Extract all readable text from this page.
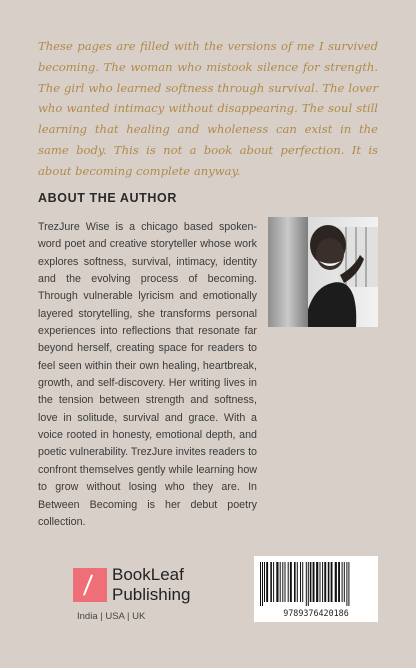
These pages are filled with the versions of me I survived becoming. The woman who mistook silence for strength. The girl who learned softness through survival. The lover who wanted intimacy without disappearing. The soul still learning that healing and wholeness can exist in the same body. This is not a book about perfection. It is about becoming complete anyway.

ABOUT THE AUTHOR

TrezJure Wise is a chicago based spoken-word poet and creative storyteller whose work explores softness, survival, intimacy, identity and the evolving process of becoming. Through vulnerable lyricism and emotionally layered storytelling, she transforms personal experiences into reflections that resonate far beyond herself, creating space for readers to feel seen within their own healing, heartbreak, growth, and self-discovery. Her writing lives in the tension between strength and softness, love in solitude, survival and grace. With a voice rooted in honesty, emotional depth, and poetic vulnerability. TrezJure invites readers to confront themselves gently while learning how to grow without losing who they are. In Between Becoming is her debut poetry collection.

BookLeaf
Publishing
India | USA | UK	9789376420186
